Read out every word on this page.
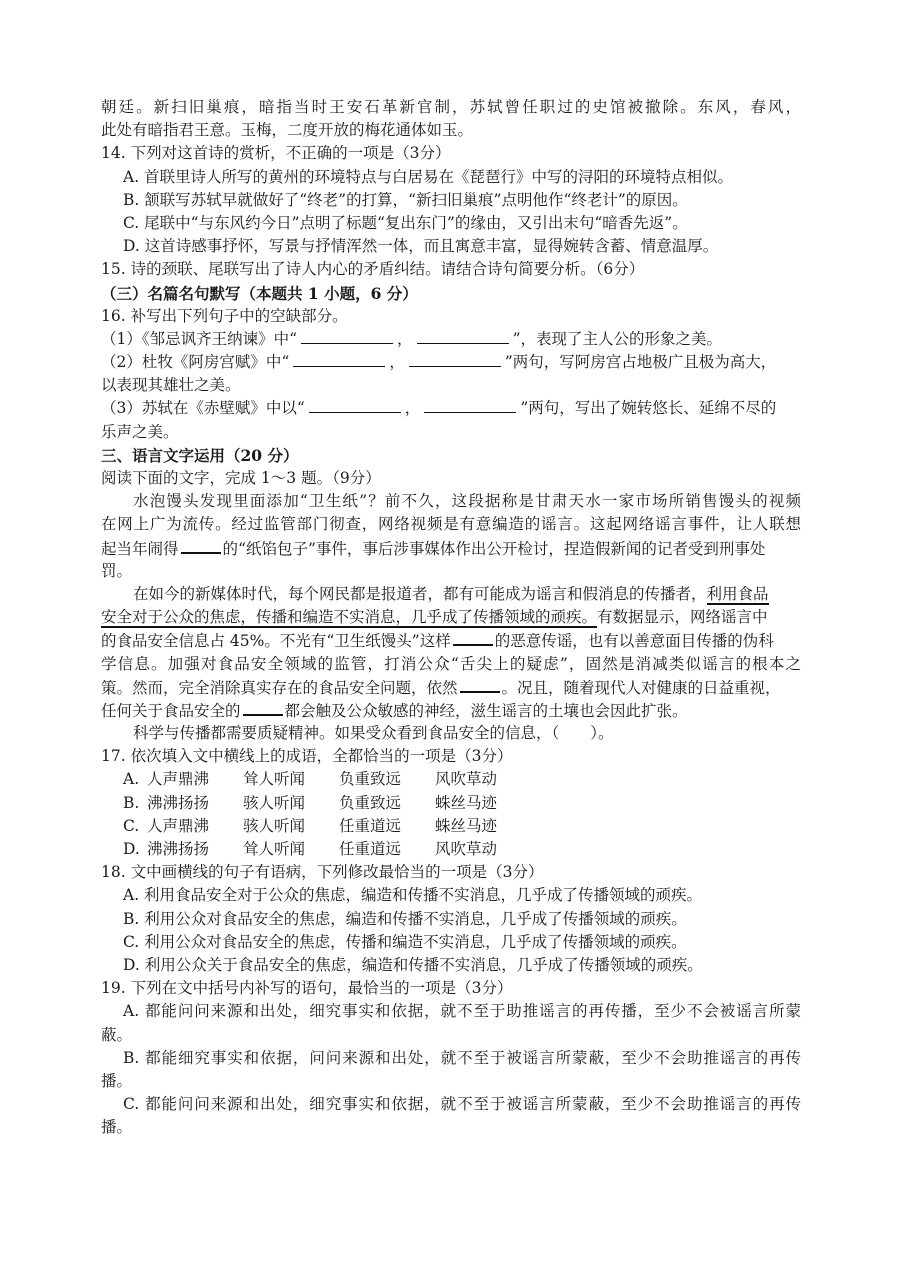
朝廷。新扫旧巢痕，暗指当时王安石革新官制，苏轼曾任职过的史馆被撤除。东风，春风，
此处有暗指君王意。玉梅，二度开放的梅花通体如玉。
14. 下列对这首诗的赏析，不正确的一项是（3分）
A. 首联里诗人所写的黄州的环境特点与白居易在《琵琶行》中写的浔阳的环境特点相似。
B. 颔联写苏轼早就做好了“终老”的打算，“新扫旧巢痕”点明他作“终老计”的原因。
C. 尾联中“与东风约今日”点明了标题“复出东门”的缘由，又引出末句“暗香先返”。
D. 这首诗感事抒怀，写景与抒情浑然一体，而且寓意丰富，显得婉转含蓄、情意温厚。
15. 诗的颈联、尾联写出了诗人内心的矛盾纠结。请结合诗句简要分析。（6分）
（三）名篇名句默写（本题共 1 小题，6 分）
16. 补写出下列句子中的空缺部分。
（1）《邹忌讽齐王纳谏》中“	，	”，表现了主人公的形象之美。
（2）杜牧《阿房宫赋》中“	，	”两句，写阿房宫占地极广且极为高大，
以表现其雄壮之美。
（3）苏轼在《赤壁赋》中以“	，	”两句，写出了婉转悠长、延绵不尽的
乐声之美。
三、语言文字运用（20 分）
阅读下面的文字，完成 1～3 题。（9分）
水泡馒头发现里面添加“卫生纸”？前不久，这段据称是甘肃天水一家市场所销售馒头的视频
在网上广为流传。经过监管部门彻查，网络视频是有意编造的谣言。这起网络谣言事件，让人联想
起当年闹得	的“纸馅包子”事件，事后涉事媒体作出公开检讨，捏造假新闻的记者受到刑事处
罚。
在如今的新媒体时代，每个网民都是报道者，都有可能成为谣言和假消息的传播者，利用食品
安全对于公众的焦虑，传播和编造不实消息，几乎成了传播领域的顽疾。有数据显示，网络谣言中
的食品安全信息占 45%。不光有“卫生纸馒头”这样	的恶意传谣，也有以善意面目传播的伪科
学信息。加强对食品安全领域的监管，打消公众“舌尖上的疑虑”，固然是消减类似谣言的根本之
策。然而，完全消除真实存在的食品安全问题，依然	。况且，随着现代人对健康的日益重视，
任何关于食品安全的	都会触及公众敏感的神经，滋生谣言的土壤也会因此扩张。
科学与传播都需要质疑精神。如果受众看到食品安全的信息，（　　）。
17. 依次填入文中横线上的成语，全都恰当的一项是（3分）
A. 人声鼎沸 耸人听闻 负重致远 风吹草动
B. 沸沸扬扬 骇人听闻 负重致远 蛛丝马迹
C. 人声鼎沸 骇人听闻 任重道远 蛛丝马迹
D. 沸沸扬扬 耸人听闻 任重道远 风吹草动
18. 文中画横线的句子有语病，下列修改最恰当的一项是（3分）
A. 利用食品安全对于公众的焦虑，编造和传播不实消息，几乎成了传播领域的顽疾。
B. 利用公众对食品安全的焦虑，编造和传播不实消息，几乎成了传播领域的顽疾。
C. 利用公众对食品安全的焦虑，传播和编造不实消息，几乎成了传播领域的顽疾。
D. 利用公众关于食品安全的焦虑，编造和传播不实消息，几乎成了传播领域的顽疾。
19. 下列在文中括号内补写的语句，最恰当的一项是（3分）
A. 都能问问来源和出处，细究事实和依据，就不至于助推谣言的再传播，至少不会被谣言所蒙
蔽。
B. 都能细究事实和依据，问问来源和出处，就不至于被谣言所蒙蔽，至少不会助推谣言的再传
播。
C. 都能问问来源和出处，细究事实和依据，就不至于被谣言所蒙蔽，至少不会助推谣言的再传
播。
